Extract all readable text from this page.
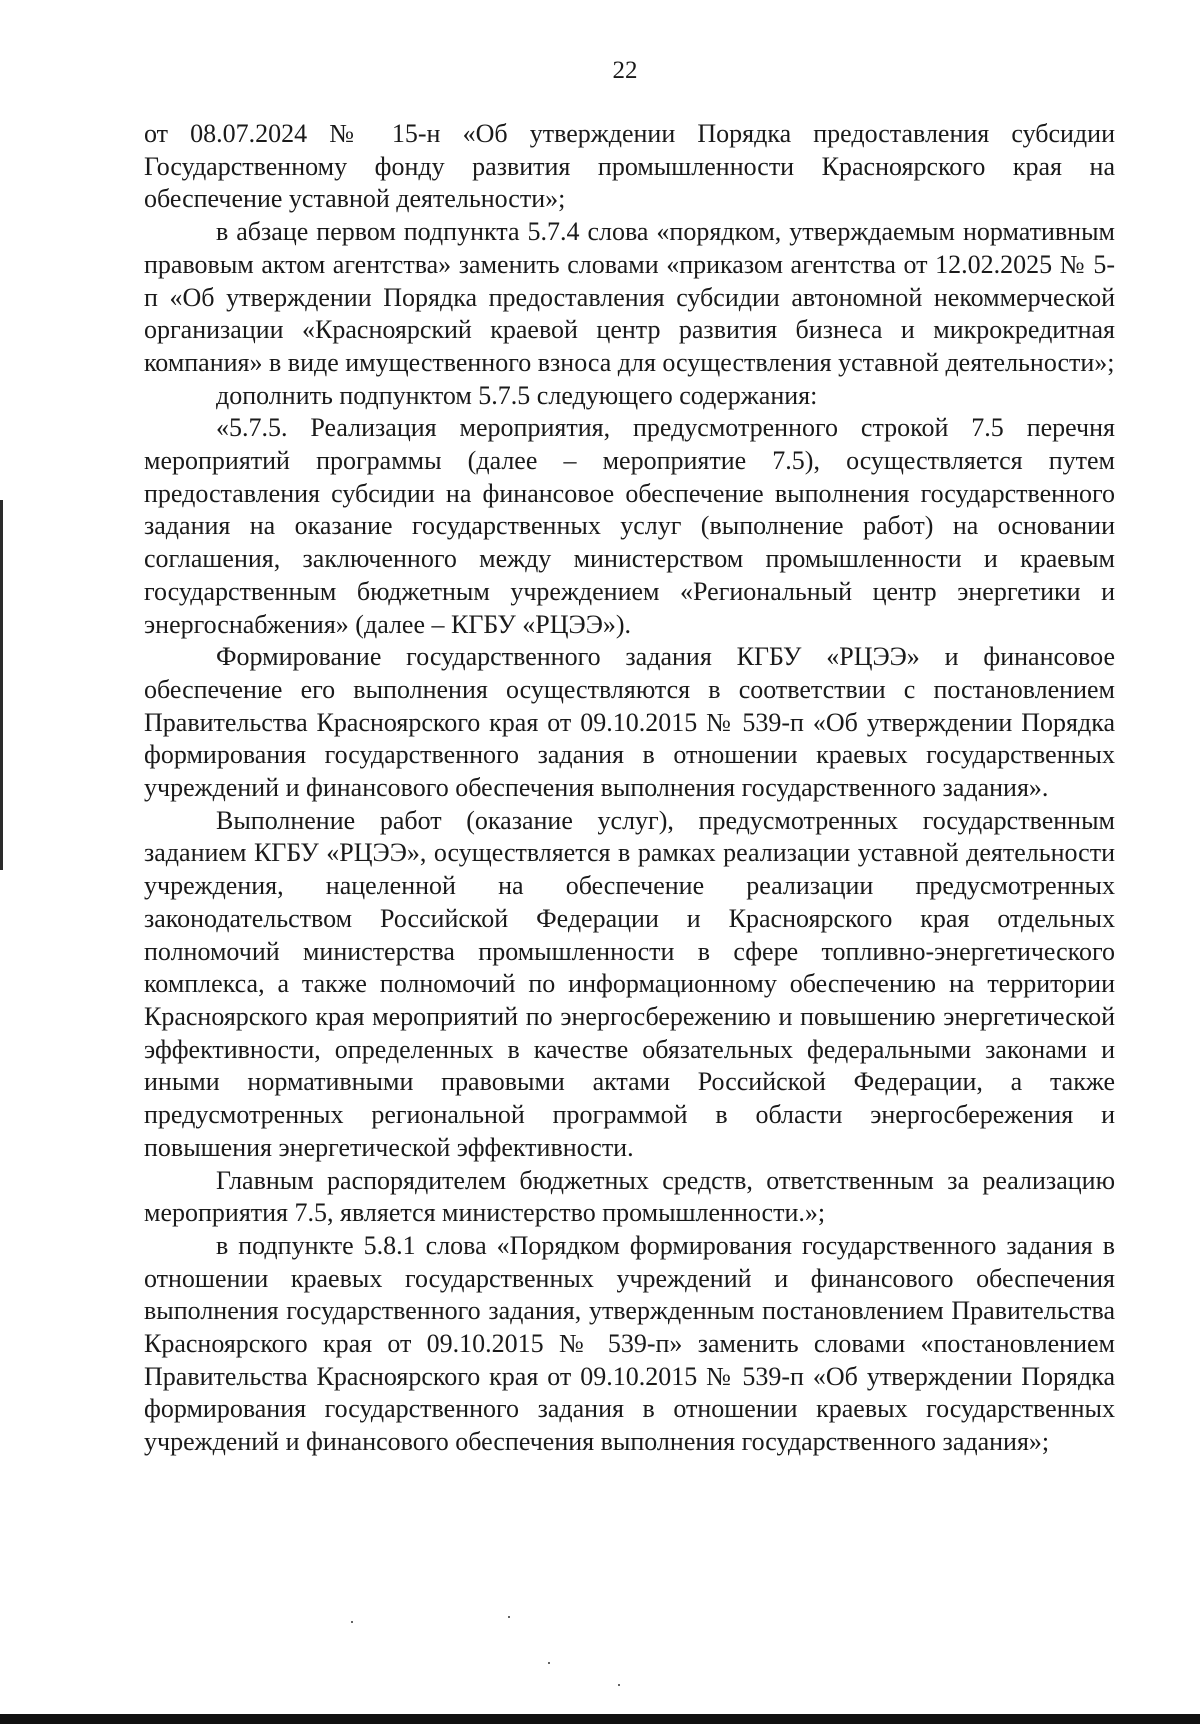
22

от 08.07.2024 № 15-н «Об утверждении Порядка предоставления субсидии Государственному фонду развития промышленности Красноярского края на обеспечение уставной деятельности»;

в абзаце первом подпункта 5.7.4 слова «порядком, утверждаемым нормативным правовым актом агентства» заменить словами «приказом агентства от 12.02.2025 № 5-п «Об утверждении Порядка предоставления субсидии автономной некоммерческой организации «Красноярский краевой центр развития бизнеса и микрокредитная компания» в виде имущественного взноса для осуществления уставной деятельности»;

дополнить подпунктом 5.7.5 следующего содержания:

«5.7.5. Реализация мероприятия, предусмотренного строкой 7.5 перечня мероприятий программы (далее – мероприятие 7.5), осуществляется путем предоставления субсидии на финансовое обеспечение выполнения государственного задания на оказание государственных услуг (выполнение работ) на основании соглашения, заключенного между министерством промышленности и краевым государственным бюджетным учреждением «Региональный центр энергетики и энергоснабжения» (далее – КГБУ «РЦЭЭ»).

Формирование государственного задания КГБУ «РЦЭЭ» и финансовое обеспечение его выполнения осуществляются в соответствии с постановлением Правительства Красноярского края от 09.10.2015 № 539-п «Об утверждении Порядка формирования государственного задания в отношении краевых государственных учреждений и финансового обеспечения выполнения государственного задания».

Выполнение работ (оказание услуг), предусмотренных государственным заданием КГБУ «РЦЭЭ», осуществляется в рамках реализации уставной деятельности учреждения, нацеленной на обеспечение реализации предусмотренных законодательством Российской Федерации и Красноярского края отдельных полномочий министерства промышленности в сфере топливно-энергетического комплекса, а также полномочий по информационному обеспечению на территории Красноярского края мероприятий по энергосбережению и повышению энергетической эффективности, определенных в качестве обязательных федеральными законами и иными нормативными правовыми актами Российской Федерации, а также предусмотренных региональной программой в области энергосбережения и повышения энергетической эффективности.

Главным распорядителем бюджетных средств, ответственным за реализацию мероприятия 7.5, является министерство промышленности.»;

в подпункте 5.8.1 слова «Порядком формирования государственного задания в отношении краевых государственных учреждений и финансового обеспечения выполнения государственного задания, утвержденным постановлением Правительства Красноярского края от 09.10.2015 № 539-п» заменить словами «постановлением Правительства Красноярского края от 09.10.2015 № 539-п «Об утверждении Порядка формирования государственного задания в отношении краевых государственных учреждений и финансового обеспечения выполнения государственного задания»;
